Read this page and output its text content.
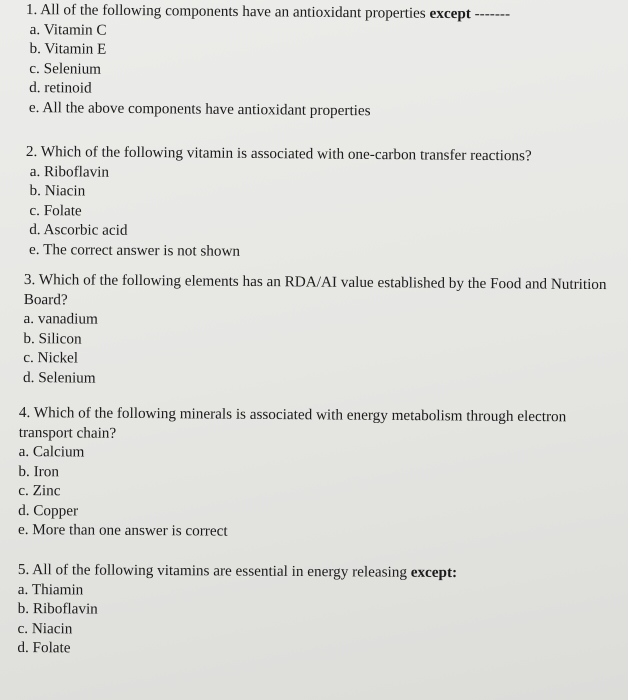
1. All of the following components have an antioxidant properties except -------

a. Vitamin C

b. Vitamin E

c. Selenium

d. retinoid

e. All the above components have antioxidant properties

2. Which of the following vitamin is associated with one-carbon transfer reactions?

a. Riboflavin

b. Niacin

c. Folate

d. Ascorbic acid

e. The correct answer is not shown

3. Which of the following elements has an RDA/AI value established by the Food and Nutrition Board?

a. vanadium

b. Silicon

c. Nickel

d. Selenium

4. Which of the following minerals is associated with energy metabolism through electron transport chain?

a. Calcium

b. Iron

c. Zinc

d. Copper

e. More than one answer is correct

5. All of the following vitamins are essential in energy releasing except:

a. Thiamin

b. Riboflavin

c. Niacin

d. Folate
